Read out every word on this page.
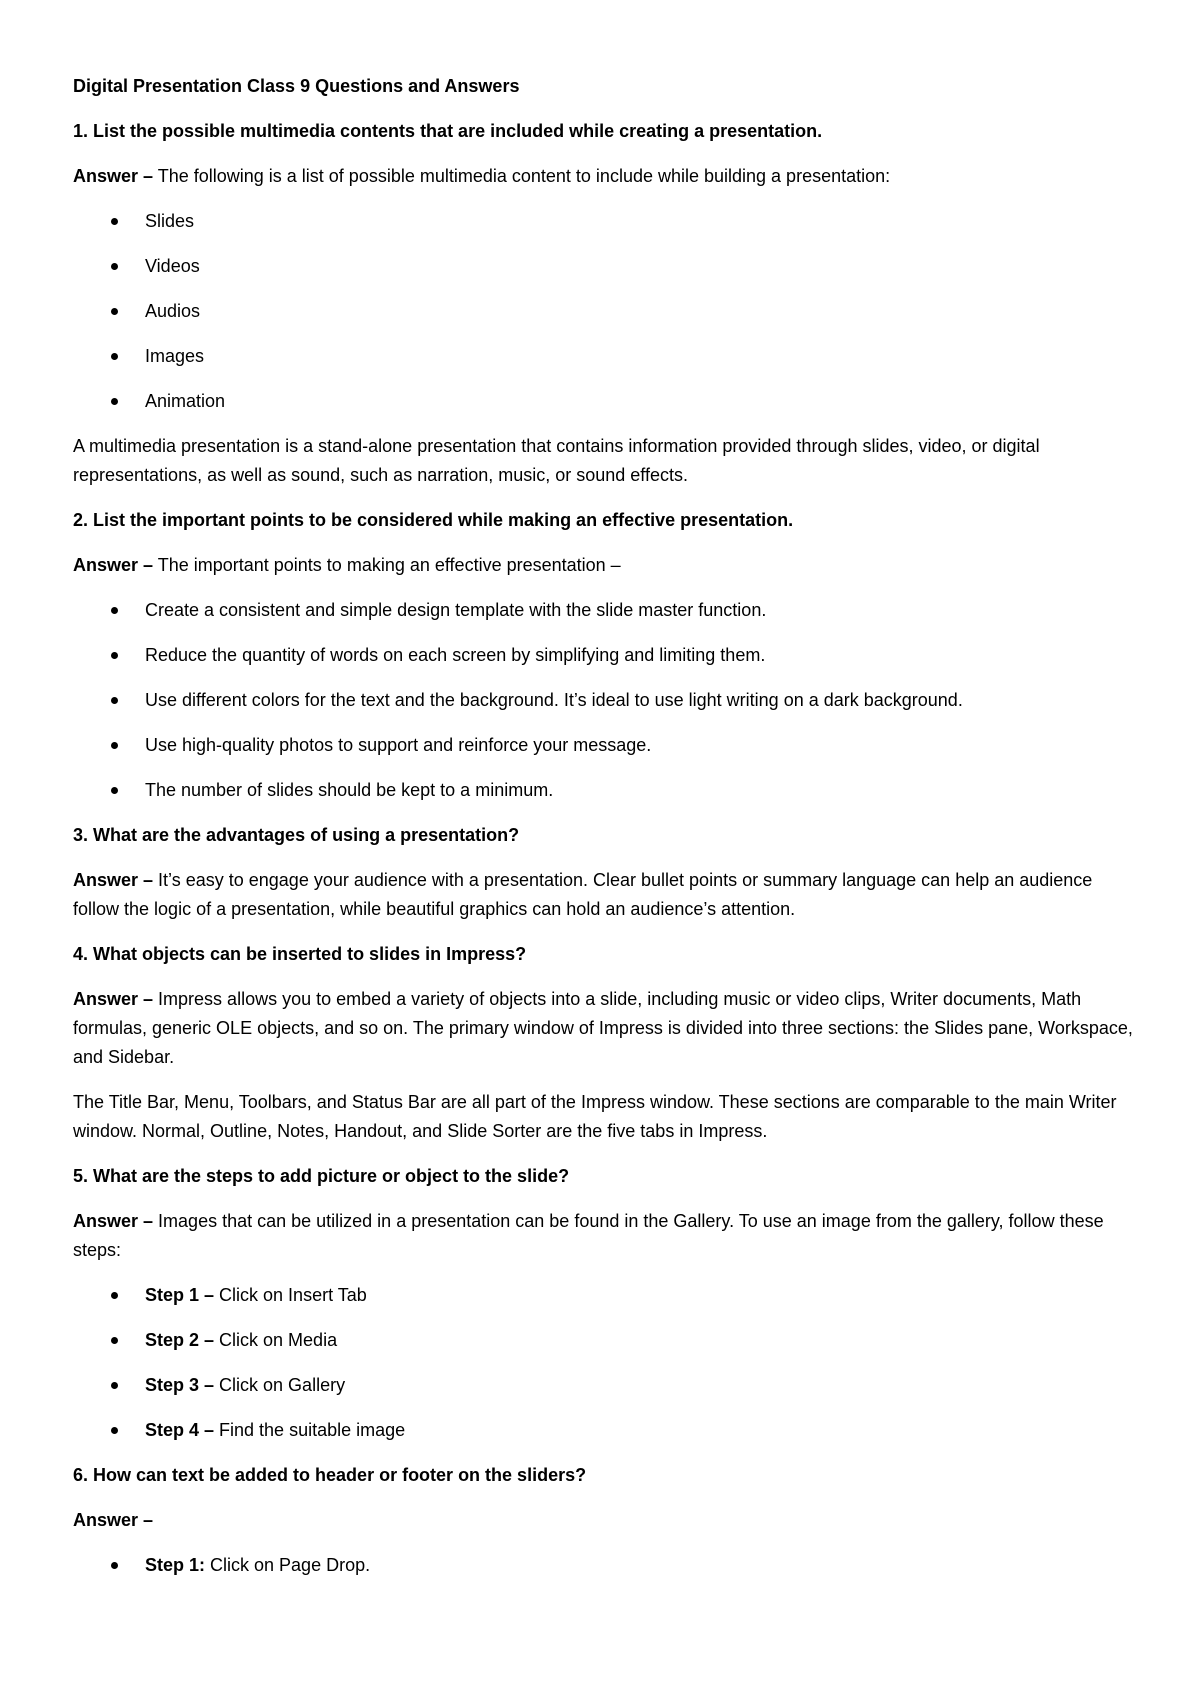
Digital Presentation Class 9 Questions and Answers

1. List the possible multimedia contents that are included while creating a presentation.

Answer – The following is a list of possible multimedia content to include while building a presentation:

Slides
Videos
Audios
Images
Animation

A multimedia presentation is a stand-alone presentation that contains information provided through slides, video, or digital representations, as well as sound, such as narration, music, or sound effects.

2. List the important points to be considered while making an effective presentation.

Answer – The important points to making an effective presentation –

Create a consistent and simple design template with the slide master function.
Reduce the quantity of words on each screen by simplifying and limiting them.
Use different colors for the text and the background. It’s ideal to use light writing on a dark background.
Use high-quality photos to support and reinforce your message.
The number of slides should be kept to a minimum.

3. What are the advantages of using a presentation?

Answer – It’s easy to engage your audience with a presentation. Clear bullet points or summary language can help an audience follow the logic of a presentation, while beautiful graphics can hold an audience’s attention.

4. What objects can be inserted to slides in Impress?

Answer – Impress allows you to embed a variety of objects into a slide, including music or video clips, Writer documents, Math formulas, generic OLE objects, and so on. The primary window of Impress is divided into three sections: the Slides pane, Workspace, and Sidebar.

The Title Bar, Menu, Toolbars, and Status Bar are all part of the Impress window. These sections are comparable to the main Writer window. Normal, Outline, Notes, Handout, and Slide Sorter are the five tabs in Impress.

5. What are the steps to add picture or object to the slide?

Answer – Images that can be utilized in a presentation can be found in the Gallery. To use an image from the gallery, follow these steps:

Step 1 – Click on Insert Tab
Step 2 – Click on Media
Step 3 – Click on Gallery
Step 4 – Find the suitable image

6. How can text be added to header or footer on the sliders?

Answer –

Step 1: Click on Page Drop.
